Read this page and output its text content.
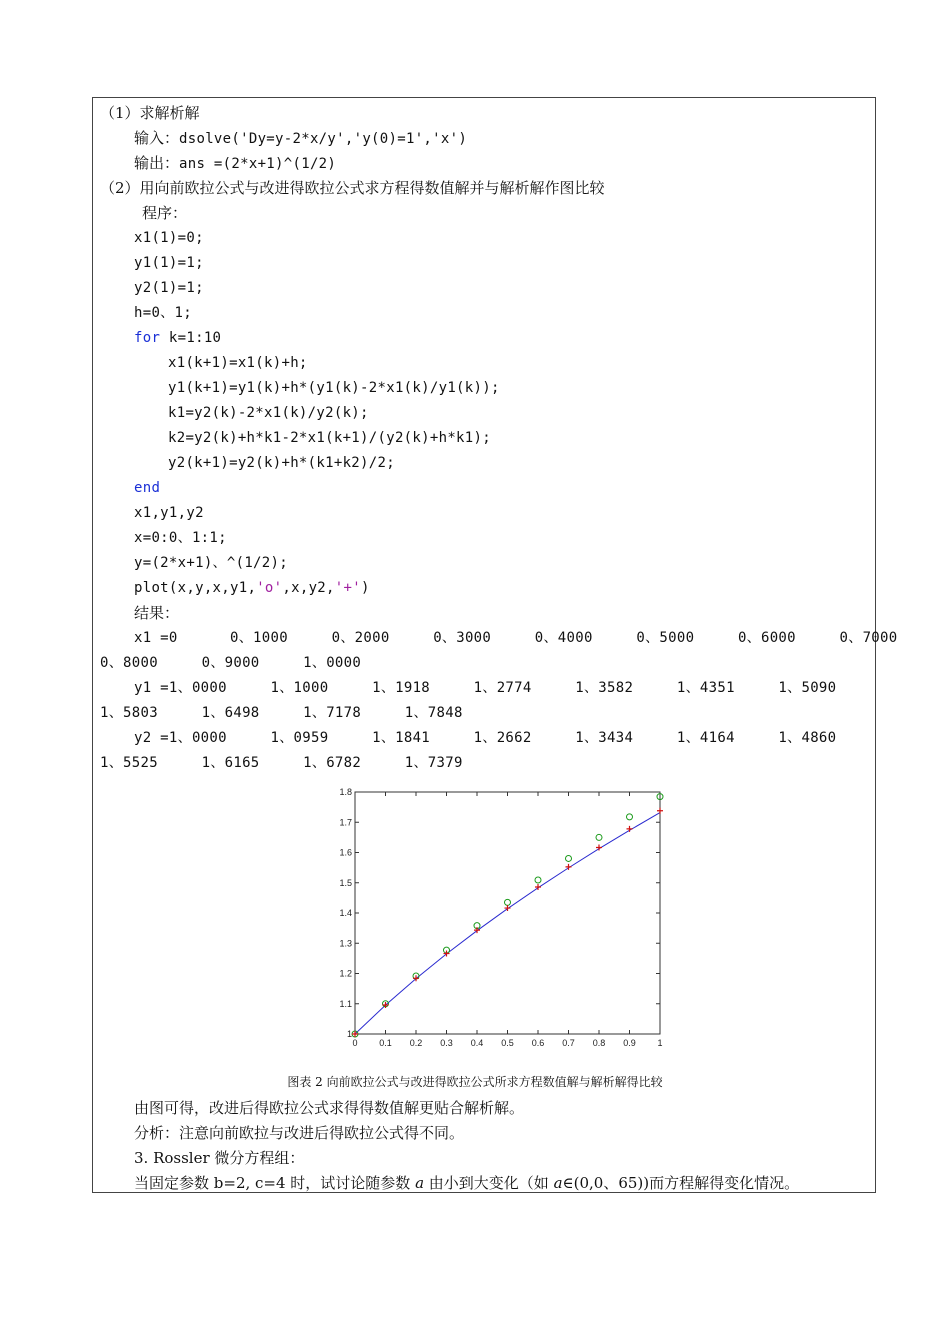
（1）求解析解
输入：dsolve('Dy=y-2*x/y','y(0)=1','x')
输出：ans =(2*x+1)^(1/2)
（2）用向前欧拉公式与改进得欧拉公式求方程得数值解并与解析解作图比较
程序：
x1(1)=0;
y1(1)=1;
y2(1)=1;
h=0、1;
for k=1:10
x1(k+1)=x1(k)+h;
y1(k+1)=y1(k)+h*(y1(k)-2*x1(k)/y1(k));
k1=y2(k)-2*x1(k)/y2(k);
k2=y2(k)+h*k1-2*x1(k+1)/(y2(k)+h*k1);
y2(k+1)=y2(k)+h*(k1+k2)/2;
end
x1,y1,y2
x=0:0、1:1;
y=(2*x+1)、^(1/2);
plot(x,y,x,y1,'o',x,y2,'+')
结果：
x1 =0      0、1000     0、2000     0、3000     0、4000     0、5000     0、6000     0、7000
0、8000     0、9000     1、0000
y1 =1、0000     1、1000     1、1918     1、2774     1、3582     1、4351     1、5090
1、5803     1、6498     1、7178     1、7848
y2 =1、0000     1、0959     1、1841     1、2662     1、3434     1、4164     1、4860
1、5525     1、6165     1、6782     1、7379
0 0.1 0.2 0.3 0.4 0.5 0.6 0.7 0.8 0.9 1
1
1.1
1.2
1.3
1.4
1.5
1.6
1.7
1.8
图表 2 向前欧拉公式与改进得欧拉公式所求方程数值解与解析解得比较
由图可得，改进后得欧拉公式求得得数值解更贴合解析解。
分析：注意向前欧拉与改进后得欧拉公式得不同。
3. Rossler 微分方程组：
当固定参数 b=2, c=4 时，试讨论随参数 a 由小到大变化（如 a∈(0,0、65))而方程解得变化情况。
